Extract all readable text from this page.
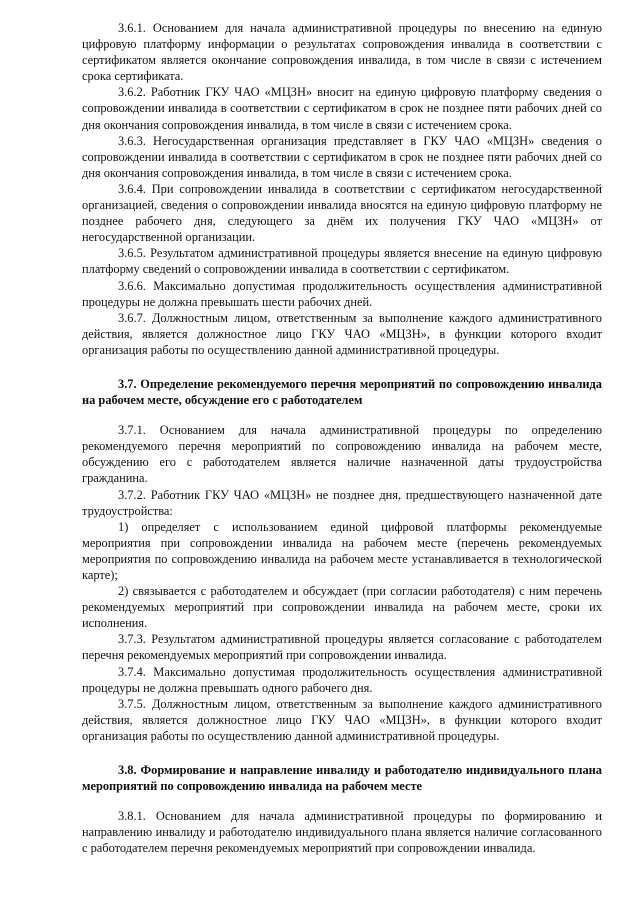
3.6.1. Основанием для начала административной процедуры по внесению на единую цифровую платформу информации о результатах сопровождения инвалида в соответствии с сертификатом является окончание сопровождения инвалида, в том числе в связи с истечением срока сертификата.

3.6.2. Работник ГКУ ЧАО «МЦЗН» вносит на единую цифровую платформу сведения о сопровождении инвалида в соответствии с сертификатом в срок не позднее пяти рабочих дней со дня окончания сопровождения инвалида, в том числе в связи с истечением срока.

3.6.3. Негосударственная организация представляет в ГКУ ЧАО «МЦЗН» сведения о сопровождении инвалида в соответствии с сертификатом в срок не позднее пяти рабочих дней со дня окончания сопровождения инвалида, в том числе в связи с истечением срока.

3.6.4. При сопровождении инвалида в соответствии с сертификатом негосударственной организацией, сведения о сопровождении инвалида вносятся на единую цифровую платформу не позднее рабочего дня, следующего за днём их получения ГКУ ЧАО «МЦЗН» от негосударственной организации.

3.6.5. Результатом административной процедуры является внесение на единую цифровую платформу сведений о сопровождении инвалида в соответствии с сертификатом.

3.6.6. Максимально допустимая продолжительность осуществления административной процедуры не должна превышать шести рабочих дней.

3.6.7. Должностным лицом, ответственным за выполнение каждого административного действия, является должностное лицо ГКУ ЧАО «МЦЗН», в функции которого входит организация работы по осуществлению данной административной процедуры.

3.7. Определение рекомендуемого перечня мероприятий по сопровождению инвалида на рабочем месте, обсуждение его с работодателем

3.7.1. Основанием для начала административной процедуры по определению рекомендуемого перечня мероприятий по сопровождению инвалида на рабочем месте, обсуждению его с работодателем является наличие назначенной даты трудоустройства гражданина.

3.7.2. Работник ГКУ ЧАО «МЦЗН» не позднее дня, предшествующего назначенной дате трудоустройства:

1) определяет с использованием единой цифровой платформы рекомендуемые мероприятия при сопровождении инвалида на рабочем месте (перечень рекомендуемых мероприятия по сопровождению инвалида на рабочем месте устанавливается в технологической карте);

2) связывается с работодателем и обсуждает (при согласии работодателя) с ним перечень рекомендуемых мероприятий при сопровождении инвалида на рабочем месте, сроки их исполнения.

3.7.3. Результатом административной процедуры является согласование с работодателем перечня рекомендуемых мероприятий при сопровождении инвалида.

3.7.4. Максимально допустимая продолжительность осуществления административной процедуры не должна превышать одного рабочего дня.

3.7.5. Должностным лицом, ответственным за выполнение каждого административного действия, является должностное лицо ГКУ ЧАО «МЦЗН», в функции которого входит организация работы по осуществлению данной административной процедуры.

3.8. Формирование и направление инвалиду и работодателю индивидуального плана мероприятий по сопровождению инвалида на рабочем месте

3.8.1. Основанием для начала административной процедуры по формированию и направлению инвалиду и работодателю индивидуального плана является наличие согласованного с работодателем перечня рекомендуемых мероприятий при сопровождении инвалида.
